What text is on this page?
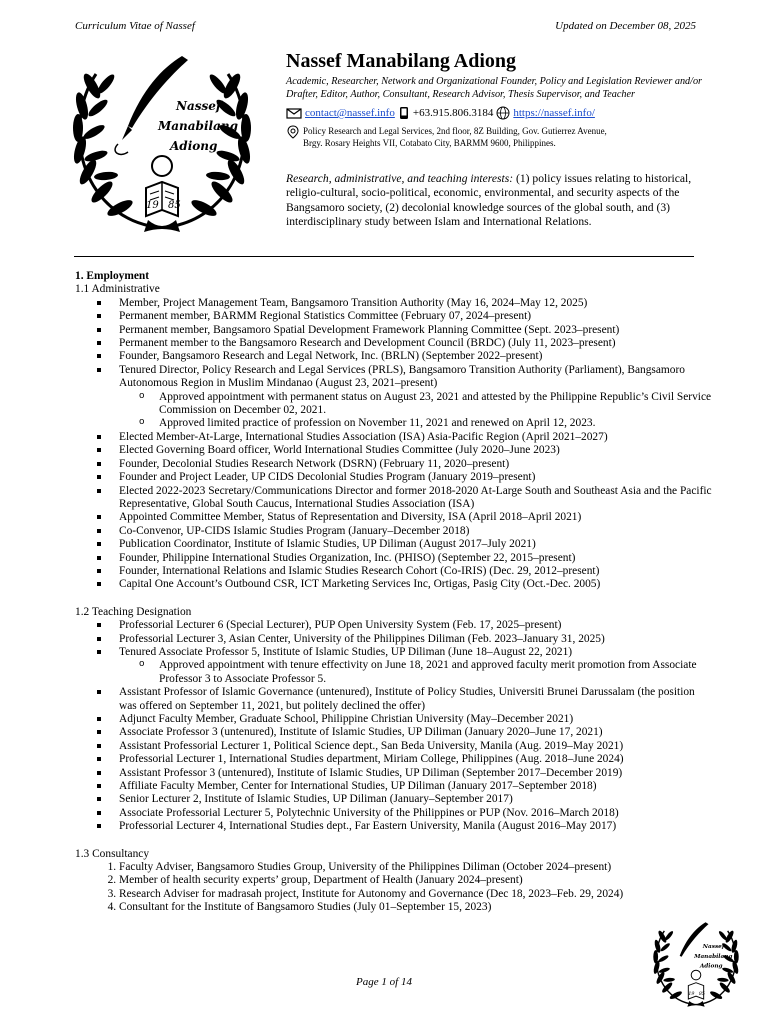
Curriculum Vitae of Nassef	Updated on December 08, 2025
Nassef
Manabilang
Adiong
19 85
Nassef Manabilang Adiong
Academic, Researcher, Network and Organizational Founder, Policy and Legislation Reviewer and/or Drafter, Editor, Author, Consultant, Research Advisor, Thesis Supervisor, and Teacher
contact@nassef.info +63.915.806.3184 https://nassef.info/
Policy Research and Legal Services, 2nd floor, 8Z Building, Gov. Gutierrez Avenue,
Brgy. Rosary Heights VII, Cotabato City, BARMM 9600, Philippines.
Research, administrative, and teaching interests: (1) policy issues relating to historical, religio-cultural, socio-political, economic, environmental, and security aspects of the Bangsamoro society, (2) decolonial knowledge sources of the global south, and (3) interdisciplinary study between Islam and International Relations.
1. Employment
1.1 Administrative
Member, Project Management Team, Bangsamoro Transition Authority (May 16, 2024–May 12, 2025)
Permanent member, BARMM Regional Statistics Committee (February 07, 2024–present)
Permanent member, Bangsamoro Spatial Development Framework Planning Committee (Sept. 2023–present)
Permanent member to the Bangsamoro Research and Development Council (BRDC) (July 11, 2023–present)
Founder, Bangsamoro Research and Legal Network, Inc. (BRLN) (September 2022–present)
Tenured Director, Policy Research and Legal Services (PRLS), Bangsamoro Transition Authority (Parliament), Bangsamoro Autonomous Region in Muslim Mindanao (August 23, 2021–present)
o Approved appointment with permanent status on August 23, 2021 and attested by the Philippine Republic’s Civil Service Commission on December 02, 2021.
o Approved limited practice of profession on November 11, 2021 and renewed on April 12, 2023.
Elected Member-At-Large, International Studies Association (ISA) Asia-Pacific Region (April 2021–2027)
Elected Governing Board officer, World International Studies Committee (July 2020–June 2023)
Founder, Decolonial Studies Research Network (DSRN) (February 11, 2020–present)
Founder and Project Leader, UP CIDS Decolonial Studies Program (January 2019–present)
Elected 2022-2023 Secretary/Communications Director and former 2018-2020 At-Large South and Southeast Asia and the Pacific Representative, Global South Caucus, International Studies Association (ISA)
Appointed Committee Member, Status of Representation and Diversity, ISA (April 2018–April 2021)
Co-Convenor, UP-CIDS Islamic Studies Program (January–December 2018)
Publication Coordinator, Institute of Islamic Studies, UP Diliman (August 2017–July 2021)
Founder, Philippine International Studies Organization, Inc. (PHISO) (September 22, 2015–present)
Founder, International Relations and Islamic Studies Research Cohort (Co-IRIS) (Dec. 29, 2012–present)
Capital One Account’s Outbound CSR, ICT Marketing Services Inc, Ortigas, Pasig City (Oct.-Dec. 2005)
1.2 Teaching Designation
Professorial Lecturer 6 (Special Lecturer), PUP Open University System (Feb. 17, 2025–present)
Professorial Lecturer 3, Asian Center, University of the Philippines Diliman (Feb. 2023–January 31, 2025)
Tenured Associate Professor 5, Institute of Islamic Studies, UP Diliman (June 18–August 22, 2021)
o Approved appointment with tenure effectivity on June 18, 2021 and approved faculty merit promotion from Associate Professor 3 to Associate Professor 5.
Assistant Professor of Islamic Governance (untenured), Institute of Policy Studies, Universiti Brunei Darussalam (the position was offered on September 11, 2021, but politely declined the offer)
Adjunct Faculty Member, Graduate School, Philippine Christian University (May–December 2021)
Associate Professor 3 (untenured), Institute of Islamic Studies, UP Diliman (January 2020–June 17, 2021)
Assistant Professorial Lecturer 1, Political Science dept., San Beda University, Manila (Aug. 2019–May 2021)
Professorial Lecturer 1, International Studies department, Miriam College, Philippines (Aug. 2018–June 2024)
Assistant Professor 3 (untenured), Institute of Islamic Studies, UP Diliman (September 2017–December 2019)
Affiliate Faculty Member, Center for International Studies, UP Diliman (January 2017–September 2018)
Senior Lecturer 2, Institute of Islamic Studies, UP Diliman (January–September 2017)
Associate Professorial Lecturer 5, Polytechnic University of the Philippines or PUP (Nov. 2016–March 2018)
Professorial Lecturer 4, International Studies dept., Far Eastern University, Manila (August 2016–May 2017)
1.3 Consultancy
1. Faculty Adviser, Bangsamoro Studies Group, University of the Philippines Diliman (October 2024–present)
2. Member of health security experts’ group, Department of Health (January 2024–present)
3. Research Adviser for madrasah project, Institute for Autonomy and Governance (Dec 18, 2023–Feb. 29, 2024)
4. Consultant for the Institute of Bangsamoro Studies (July 01–September 15, 2023)
Nassef
Manabilang
Adiong
19 85
Page 1 of 14
